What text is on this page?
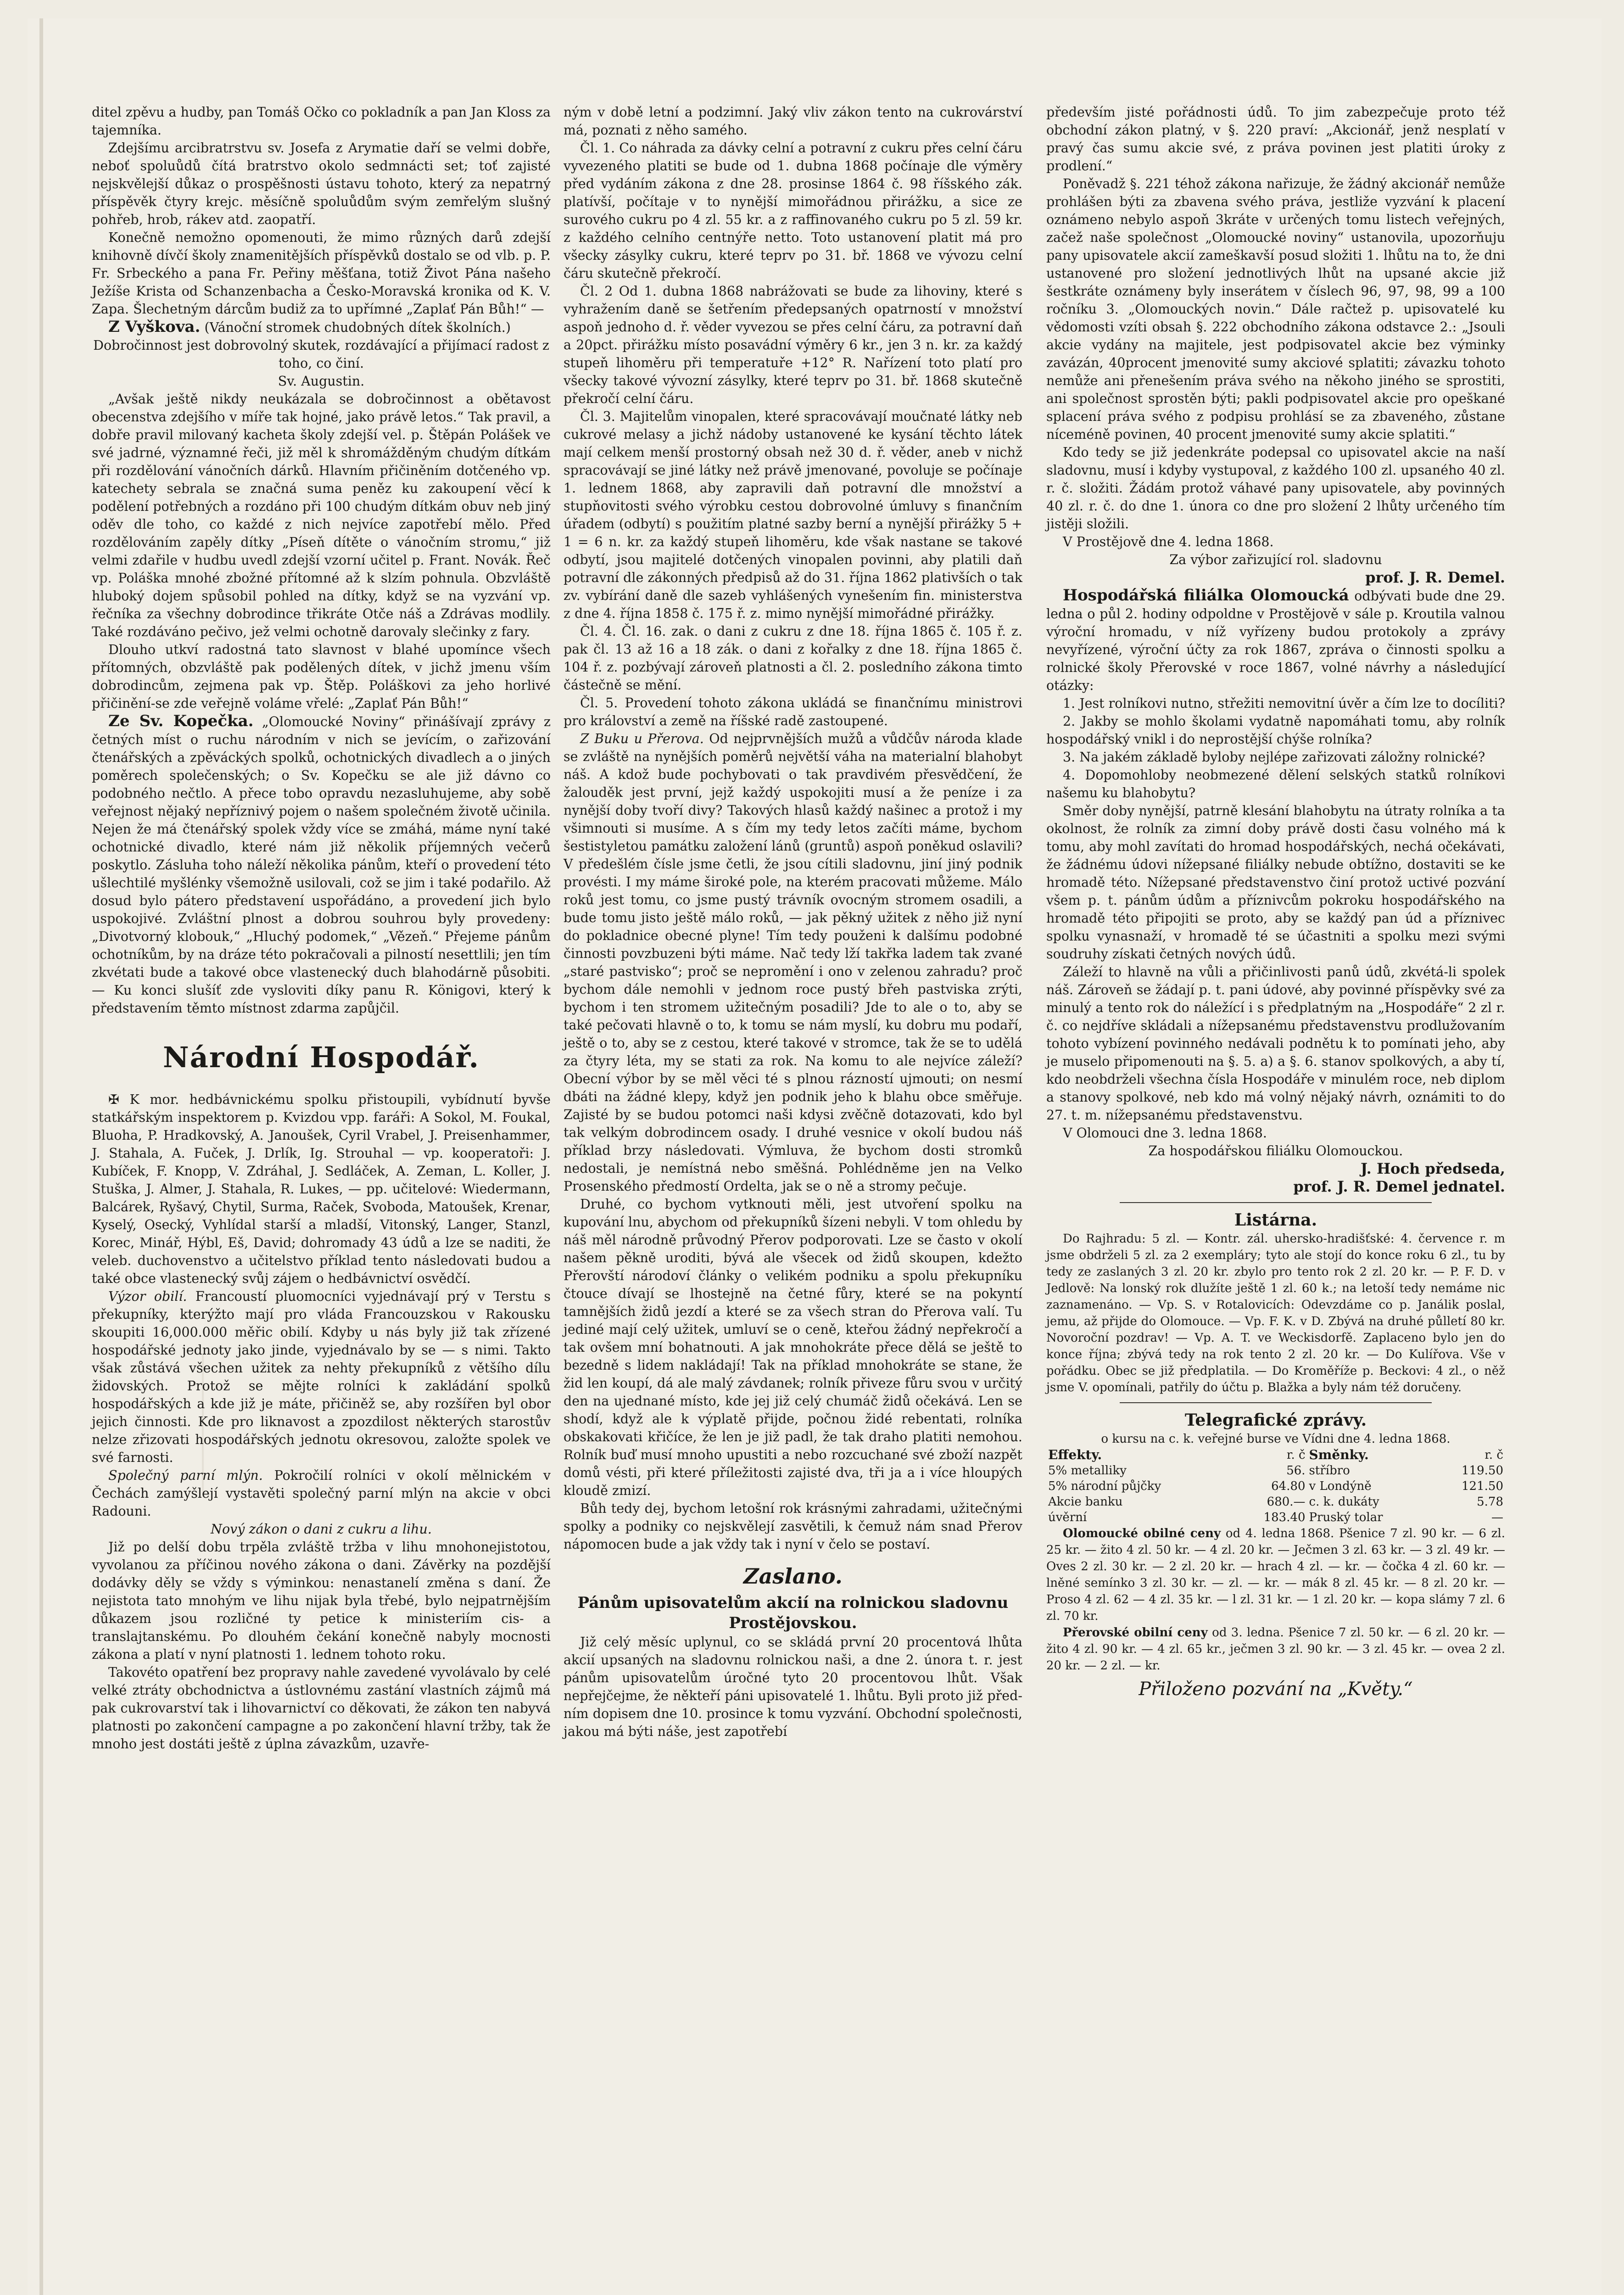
ditel zpěvu a hudby, pan Tomáš Očko co pokladník a pan Jan Kloss za tajemníka.

Zdejšímu arcibratrstvu sv. Josefa z Arymatie daří se velmi dobře, neboť spoluůdů čítá bratrstvo okolo sedmnácti set; toť zajisté nejskvělejší důkaz o prospěšnosti ústavu tohoto, který za nepatrný příspěvěk čtyry krejc. měsíčně spoluůdům svým zemřelým slušný pohřeb, hrob, rákev atd. zaopatří.

Konečně nemožno opomenouti, že mimo různých darů zdejší knihovně dívčí školy znamenitějších příspěvků dostalo se od vlb. p. P. Fr. Srbeckého a pana Fr. Peřiny měšťana, totiž Život Pána našeho Ježíše Krista od Schanzenbacha a Česko-Moravská kronika od K. V. Zapa. Šlechetným dárcům budiž za to upřímné „Zaplať Pán Bůh!“ —

Z Vyškova. (Vánoční stromek chudobných dítek školních.)

Dobročinnost jest dobrovolný skutek, rozdávající a přijímací radost z toho, co činí.

Sv. Augustin.

„Avšak ještě nikdy neukázala se dobročinnost a obětavost obecenstva zdejšího v míře tak hojné, jako právě letos.“ Tak pravil, a dobře pravil milovaný kacheta školy zdejší vel. p. Štěpán Polášek ve své jadrné, významné řeči, již měl k shromážděným chudým dítkám při rozdělování vánočních dárků. Hlavním přičiněním dotčeného vp. katechety sebrala se značná suma peněz ku zakoupení věcí k podělení potřebných a rozdáno při 100 chudým dítkám obuv neb jiný oděv dle toho, co každé z nich nejvíce zapotřebí mělo. Před rozdělováním zapěly dítky „Píseň dítěte o vánočním stromu,“ již velmi zdařile v hudbu uvedl zdejší vzorní učitel p. Frant. Novák. Řeč vp. Poláška mnohé zbožné přítomné až k slzím pohnula. Obzvláště hluboký dojem spůsobil pohled na dítky, když se na vyzvání vp. řečníka za všechny dobrodince třikráte Otče náš a Zdrávas modlily. Také rozdáváno pečivo, jež velmi ochotně darovaly slečinky z fary.

Dlouho utkví radostná tato slavnost v blahé upomínce všech přítomných, obzvláště pak podělených dítek, v jichž jmenu vším dobrodincům, zejmena pak vp. Štěp. Poláškovi za jeho horlivé přičinění-se zde veřejně volámе vřelé: „Zaplať Pán Bůh!“

Ze Sv. Kopečka. „Olomoucké Noviny“ přinášívají zprávy z četných míst o ruchu národním v nich se jevícím, o zařizování čtenářských a zpěváckých spolků, ochotnických divadlech a o jiných poměrech společenských; o Sv. Kopečku se ale již dávno co podobného nečtlo. A přece tobo opravdu nezasluhujeme, aby sobě veřejnost nějaký nepříznivý pojem o našem společném životě učinila. Nejen že má čtenářský spolek vždy více se zmáhá, máme nyní také ochotnické divadlo, které nám již několik příjemných večerů poskytlo. Zásluha toho náleží několika pánům, kteří o provedení této ušlechtilé myšlénky všemožně usilovali, což se jim i také podařilo. Až dosud bylo pátero představení uspořádáno, a provedení jich bylo uspokojivé. Zvláštní plnost a dobrou souhrou byly provedeny: „Divotvorný klobouk,“ „Hluchý podomek,“ „Vězeň.“ Přejeme pánům ochotníkům, by na dráze této pokračovali a pilností nesettlili; jen tím zkvétati bude a takové obce vlastenecký duch blahodárně působiti. — Ku konci slušíť zde vysloviti díky panu R. Königovi, který k představením těmto místnost zdarma zapůjčil.

Národní Hospodář.

✠ K mor. hedbávnickému spolku přistoupili, vybídnutí byvše statkářským inspektorem p. Kvizdou vpp. faráři: A Sokol, M. Foukal, Bluoha, P. Hradkovský, A. Janoušek, Cyril Vrabel, J. Preisenhammer, J. Stahala, A. Fuček, J. Drlík, Ig. Strouhal — vp. kooperatoři: J. Kubíček, F. Knopp, V. Zdráhal, J. Sedláček, A. Zeman, L. Koller, J. Stuška, J. Almer, J. Stahala, R. Lukes, — pp. učitelové: Wiedermann, Balcárek, Ryšavý, Chytil, Surma, Raček, Svoboda, Matoušek, Krenar, Kyselý, Osecký, Vyhlídal starší a mladší, Vitonský, Langer, Stanzl, Korec, Minář, Hýbl, Eš, David; dohromady 43 údů a lze se naditi, že veleb. duchovenstvo a učitelstvo příklad tento následovati budou a také obce vlastenecký svůj zájem o hedbávnictví osvědčí.

Výzor obilí. Francoustí pluomocníci vyjednávají prý v Terstu s překupníky, kterýžto mají pro vláda Francouzskou v Rakousku skoupiti 16,000.000 měřic obilí. Kdyby u nás byly již tak zřízené hospodářské jednoty jako jinde, vyjednávalo by se — s nimi. Takto však zůstává všechen užitek za nehty překupníků z většího dílu židovských. Protož se mějte rolníci k zakládání spolků hospodářských a kde již je máte, přičiněž se, aby rozšířen byl obor jejich činnosti. Kde pro liknavost a zpozdilost některých starostův nelze zřizovati hospodářských jednotu okresovou, založte spolek ve své farnosti.

Společný parní mlýn. Pokročilí rolníci v okolí mělnickém v Čechách zamýšlejí vystavěti společný parní mlýn na akcie v obci Radouni.

Nový zákon o dani z cukru a lihu.

Již po delší dobu trpěla zvláště tržba v lihu mnohonejistotou, vyvolanou za příčinou nového zákona o dani. Závěrky na pozdější dodávky děly se vždy s výminkou: nenastanelí změna s daní. Že nejistota tato mnohým ve lihu nijak byla třebé, bylo nejpatrnějším důkazem jsou rozličné ty petice k ministeriím cis- a translajtanskému. Po dlouhém čekání konečně nabyly mocnosti zákona a platí v nyní platnosti 1. lednem tohoto roku.

Takovéto opatření bez propravy nahle zavedené vyvolávalo by celé velké ztráty obchodnictva a ústlovnému zastání vlastních zájmů má pak cukrovarství tak i lihovarnictví co děkovati, že zákon ten nabyvá platnosti po zakončení campagne a po zakončení hlavní tržby, tak že mnoho jest dostáti ještě z úplna závazkům, uzavře-

ným v době letní a podzimní. Jaký vliv zákon tento na cukrovárství má, poznati z něho samého.

Čl. 1. Co náhrada za dávky celní a potravní z cukru přes celní čáru vyvezeného platiti se bude od 1. dubna 1868 počínaje dle výměry před vydáním zákona z dne 28. prosinse 1864 č. 98 říšského zák. platívší, počítaje v to nynější mimořádnou přirážku, a sice ze surového cukru po 4 zl. 55 kr. a z raffinovaného cukru po 5 zl. 59 kr. z každého celního centnýře netto. Toto ustanovení platit má pro všecky zásylky cukru, které teprv po 31. bř. 1868 ve vývozu celní čáru skutečně překročí.

Čl. 2 Od 1. dubna 1868 nabrážovati se bude za lihoviny, které s vyhražením daně se šetřením předepsaných opatrností v množství aspoň jednoho d. ř. věder vyvezou se přes celní čáru, za potravní daň a 20pct. přirážku místo posavádní výměry 6 kr., jen 3 n. kr. za každý stupeň lihoměru při temperatuře +12° R. Nařízení toto platí pro všecky takové vývozní zásylky, které teprv po 31. bř. 1868 skutečně překročí celní čáru.

Čl. 3. Majitelům vinopalen, které spracovávají moučnaté látky neb cukrové melasy a jichž nádoby ustanovené ke kysání těchto látek mají celkem menší prostorný obsah než 30 d. ř. věder, aneb v nichž spracovávají se jiné látky než právě jmenované, povoluje se počínaje 1. lednem 1868, aby zapravili daň potravní dle množství a stupňovitosti svého výrobku cestou dobrovolné úmluvy s finančním úřadem (odbytí) s použitím platné sazby berní a nynější přirážky 5 + 1 = 6 n. kr. za každý stupeň lihoměru, kde však nastane se takové odbytí, jsou majitelé dotčených vinopalen povinni, aby platili daň potravní dle zákonných předpisů až do 31. října 1862 plativších o tak zv. vybírání daně dle sazeb vyhlášených vynešením fin. ministerstva z dne 4. října 1858 č. 175 ř. z. mimo nynější mimořádné přirážky.

Čl. 4. Čl. 16. zak. o dani z cukru z dne 18. října 1865 č. 105 ř. z. pak čl. 13 až 16 a 18 zák. o dani z kořalky z dne 18. října 1865 č. 104 ř. z. pozbývají zároveň platnosti a čl. 2. posledního zákona timto částečně se mění.

Čl. 5. Provedení tohoto zákona ukládá se finančnímu ministrovi pro království a země na říšské radě zastoupené.

Z Buku u Přerova. Od nejprvnějších mužů a vůdčův národa klade se zvláště na nynějších poměrů největší váha na materialní blahobyt náš. A kdož bude pochybovati o tak pravdivém přesvědčení, že žalouděk jest první, jejž každý uspokojiti musí a že peníze i za nynější doby tvoří divy? Takových hlasů každý našinec a protož i my všimnouti si musíme. A s čím my tedy letos začíti máme, bychom šestistyletou památku založení lánů (gruntů) aspoň poněkud oslavili? V předešlém čísle jsme četli, že jsou cítili sladovnu, jiní jiný podnik provésti. I my máme široké pole, na kterém pracovati můžeme. Málo roků jest tomu, co jsme pustý trávník ovocným stromem osadili, a bude tomu jisto ještě málo roků, — jak pěkný užitek z něho již nyní do pokladnice obecné plyne! Tím tedy použeni k dalšímu podobné činnosti povzbuzeni býti máme. Nač tedy lží takřka ladem tak zvané „staré pastvisko“; proč se nepromění i ono v zelenou zahradu? proč bychom dále nemohli v jednom roce pustý břeh pastviska zrýti, bychom i ten stromem užitečným posadili? Jde to ale o to, aby se také pečovati hlavně o to, k tomu se nám myslí, ku dobru mu podaří, ještě o to, aby se z cestou, které takové v stromce, tak že se to udělá za čtyry léta, my se stati za rok. Na komu to ale nejvíce záleží? Obecní výbor by se měl věci té s plnou rázností ujmouti; on nesmí dbáti na žádné klepy, když jen podnik jeho k blahu obce směřuje. Zajisté by se budou potomci naši kdysi zvěčně dotazovati, kdo byl tak velkým dobrodincem osady. I druhé vesnice v okolí budou náš příklad brzy následovati. Výmluva, že bychom dosti stromků nedostali, je nemístná nebo směšná. Pohlédněme jen na Velko Prosenského předmostí Ordelta, jak se o ně a stromy pečuje.

Druhé, co bychom vytknouti měli, jest utvoření spolku na kupování lnu, abychom od překupníků šízeni nebyli. V tom ohledu by náš měl národně průvodný Přerov podporovati. Lze se často v okolí našem pěkně uroditi, bývá ale všecek od židů skoupen, kdežto Přerovští národoví články o velikém podniku a spolu překupníku čtouce dívají se lhostejně na četné fůry, které se na pokyntí tamnějších židů jezdí a které se za všech stran do Přerova valí. Tu jediné mají celý užitek, umluví se o ceně, kteřou žádný nepřekročí a tak ovšem mní bohatnouti. A jak mnohokráte přece dělá se ještě to bezedně s lidem nakládají! Tak na příklad mnohokráte se stane, že žid len koupí, dá ale malý závdanek; rolník přiveze fůru svou v určitý den na ujednané místo, kde jej již celý chumáč židů očekává. Len se shodí, když ale k výplatě přijde, počnou židé rebentati, rolníka obskakovati křičíce, že len je již padl, že tak draho platiti nemohou. Rolník buď musí mnoho upustiti a nebo rozcuchané své zboží nazpět domů vésti, při které příležitosti zajisté dva, tři ja a i více hloupých kloudě zmizí.

Bůh tedy dej, bychom letošní rok krásnými zahradami, užitečnými spolky a podniky co nejskvělejí zasvětili, k čemuž nám snad Přerov nápomocen bude a jak vždy tak i nyní v čelo se postaví.

Zaslano.
Pánům upisovatelům akcií na rolnickou sladovnu Prostějovskou.

Již celý měsíc uplynul, co se skládá první 20 procentová lhůta akcií upsaných na sladovnu rolnickou naši, a dne 2. února t. r. jest pánům upisovatelům úročné tyto 20 procentovou lhůt. Však nepřejčejme, že někteří páni upisovatelé 1. lhůtu. Byli proto již před-ním dopisem dne 10. prosince k tomu vyzvání. Obchodní společnosti, jakou má býti náše, jest zapotřebí

především jisté pořádnosti údů. To jim zabezpečuje proto též obchodní zákon platný, v §. 220 praví: „Akcionář, jenž nesplatí v pravý čas sumu akcie své, z práva povinen jest platiti úroky z prodlení.“

Poněvadž §. 221 téhož zákona nařizuje, že žádný akcionář nemůže prohlášen býti za zbavena svého práva, jestliže vyzvání k placení oznámeno nebylo aspoň 3kráte v určených tomu listech veřejných, začež naše společnost „Olomoucké noviny“ ustanovila, upozorňuju pany upisovatele akcií zameškavší posud složiti 1. lhůtu na to, že dni ustanovené pro složení jednotlivých lhůt na upsané akcie již šestkráte oznámeny byly inserátem v číslech 96, 97, 98, 99 a 100 ročníku 3. „Olomouckých novin.“ Dále račtež p. upisovatelé ku vědomosti vzíti obsah §. 222 obchodního zákona odstavce 2.: „Jsouli akcie vydány na majitele, jest podpisovatel akcie bez výminky zavázán, 40procent jmenovité sumy akciové splatiti; závazku tohoto nemůže ani přenešením práva svého na někoho jiného se sprostiti, ani společnost sprostěn býti; pakli podpisovatel akcie pro opeškané splacení práva svého z podpisu prohlásí se za zbaveného, zůstane níceméně povinen, 40 procent jmenovité sumy akcie splatiti.“

Kdo tedy se již jedenkráte podepsal co upisovatel akcie na naší sladovnu, musí i kdyby vystupoval, z každého 100 zl. upsaného 40 zl. r. č. složiti. Žádám protož váhavé pany upisovatele, aby povinných 40 zl. r. č. do dne 1. února co dne pro složení 2 lhůty určeného tím jistěji složili.

V Prostějově dne 4. ledna 1868.

Za výbor zařizující rol. sladovnu

prof. J. R. Demel.

Hospodářská filiálka Olomoucká odbývati bude dne 29. ledna o půl 2. hodiny odpoldne v Prostějově v sále p. Kroutila valnou výroční hromadu, v níž vyřízeny budou protokoly a zprávy nevyřízené, výroční účty za rok 1867, zpráva o činnosti spolku a rolnické školy Přerovské v roce 1867, volné návrhy a následující otázky:

1. Jest rolníkovi nutno, střežiti nemovitní úvěr a čím lze to docíliti?

2. Jakby se mohlo školami vydatně napomáhati tomu, aby rolník hospodářský vnikl i do neprostější chýše rolníka?

3. Na jakém základě byloby nejlépe zařizovati záložny rolnické?

4. Dopomohloby neobmezené dělení selských statků rolníkovi našemu ku blahobytu?

Směr doby nynější, patrně klesání blahobytu na útraty rolníka a ta okolnost, že rolník za zimní doby právě dosti času volného má k tomu, aby mohl zavítati do hromad hospodářských, nechá očekávati, že žádnému údovi nížepsané filiálky nebude obtížno, dostaviti se ke hromadě této. Nížepsané představenstvo činí protož uctivé pozvání všem p. t. pánům údům a příznivcům pokroku hospodářského na hromadě této připojiti se proto, aby se každý pan úd a příznivec spolku vynasnaží, v hromadě té se účastniti a spolku mezi svými soudruhy získati četných nových údů.

Záleží to hlavně na vůli a přičinlivosti panů údů, zkvétá-li spolek náš. Zároveň se žádají p. t. pani údové, aby povinné příspěvky své za minulý a tento rok do náležící i s předplatným na „Hospodáře“ 2 zl r. č. co nejdříve skládali a nížepsanému představenstvu prodlužovaním tohoto vybízení povinného nedávali podnětu k to pomínati jeho, aby je muselo připomenouti na §. 5. a) a §. 6. stanov spolkových, a aby tí, kdo neobdrželi všechna čísla Hospodáře v minulém roce, neb diplom a stanovy spolkové, neb kdo má volný nějaký návrh, oznámiti to do 27. t. m. nížepsanému představenstvu.

V Olomouci dne 3. ledna 1868.

Za hospodářskou filiálku Olomouckou.

J. Hoch předseda,
prof. J. R. Demel jednatel.
Listárna.

Do Rajhradu: 5 zl. — Kontr. zál. uhersko-hradišťské: 4. července r. m jsme obdrželi 5 zl. za 2 exempláry; tyto ale stojí do konce roku 6 zl., tu by tedy ze zaslaných 3 zl. 20 kr. zbylo pro tento rok 2 zl. 20 kr. — P. F. D. v Jedlově: Na lonský rok dlužíte ještě 1 zl. 60 k.; na letoší tedy nemáme nic zaznamenáno. — Vp. S. v Rotalovicích: Odevzdáme co p. Janálik poslal, jemu, až přijde do Olomouce. — Vp. F. K. v D. Zbývá na druhé půlletí 80 kr. Novoroční pozdrav! — Vp. A. T. ve Weckisdorfě. Zaplaceno bylo jen do konce října; zbývá tedy na rok tento 2 zl. 20 kr. — Do Kulířova. Vše v pořádku. Obec se již předplatila. — Do Kroměříže p. Beckovi: 4 zl., o něž jsme V. opomínali, patřily do účtu p. Blažka a byly nám též doručeny.

Telegrafické zprávy.

o kursu na c. k. veřejné burse ve Vídni dne 4. ledna 1868.

Effekty.	r. č	Směnky.	r. č
5% metalliky	56.	stříbro	119.50
5% národní půjčky	64.80	v Londýně	121.50
Akcie banku	680.—	c. k. dukáty	5.78
úvěrní	183.40	Pruský tolar	—

Olomoucké obilné ceny od 4. ledna 1868. Pšenice 7 zl. 90 kr. — 6 zl. 25 kr. — žito 4 zl. 50 kr. — 4 zl. 20 kr. — Ječmen 3 zl. 63 kr. — 3 zl. 49 kr. — Oves 2 zl. 30 kr. — 2 zl. 20 kr. — hrach 4 zl. — kr. — čočka 4 zl. 60 kr. — lněné semínko 3 zl. 30 kr. — zl. — kr. — mák 8 zl. 45 kr. — 8 zl. 20 kr. — Proso 4 zl. 62 — 4 zl. 35 kr. — l zl. 31 kr. — 1 zl. 20 kr. — kopa slámy 7 zl. 6 zl. 70 kr.

Přerovské obilní ceny od 3. ledna. Pšenice 7 zl. 50 kr. — 6 zl. 20 kr. — žito 4 zl. 90 kr. — 4 zl. 65 kr., ječmen 3 zl. 90 kr. — 3 zl. 45 kr. — ovea 2 zl. 20 kr. — 2 zl. — kr.

Přiloženo pozvání na „Květy.“
